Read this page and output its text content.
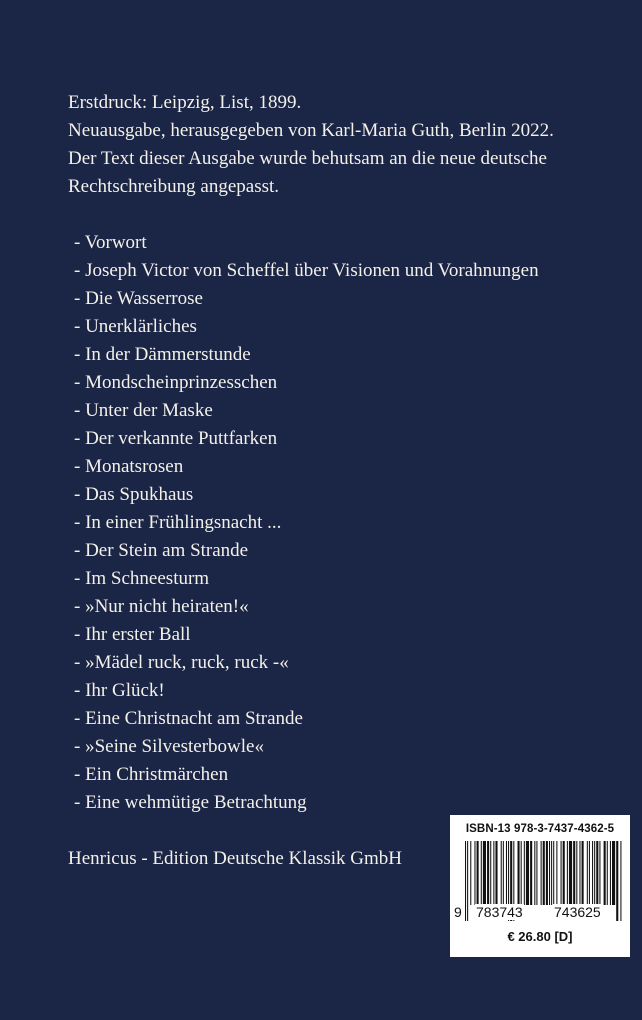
Erstdruck: Leipzig, List, 1899.
Neuausgabe, herausgegeben von Karl-Maria Guth, Berlin 2022.
Der Text dieser Ausgabe wurde behutsam an die neue deutsche
Rechtschreibung angepasst.
- Vorwort
- Joseph Victor von Scheffel über Visionen und Vorahnungen
- Die Wasserrose
- Unerklärliches
- In der Dämmerstunde
- Mondscheinprinzesschen
- Unter der Maske
- Der verkannte Puttfarken
- Monatsrosen
- Das Spukhaus
- In einer Frühlingsnacht ...
- Der Stein am Strande
- Im Schneesturm
- »Nur nicht heiraten!«
- Ihr erster Ball
- »Mädel ruck, ruck, ruck -«
- Ihr Glück!
- Eine Christnacht am Strande
- »Seine Silvesterbowle«
- Ein Christmärchen
- Eine wehmütige Betrachtung
Henricus - Edition Deutsche Klassik GmbH
ISBN-13 978-3-7437-4362-5
9 783743 743625
€ 26.80 [D]
